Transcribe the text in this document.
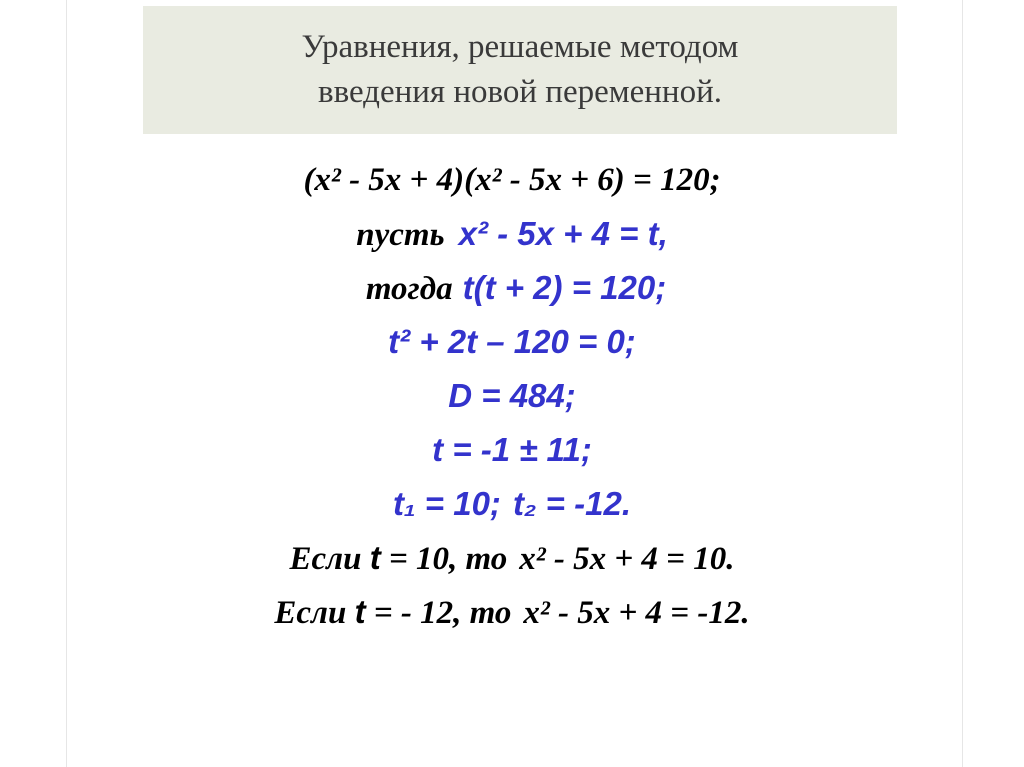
Уравнения, решаемые методом
введения новой переменной.
(x² - 5x + 4)(x² - 5x + 6) = 120;
пусть x² - 5x + 4 = t,
тогда t(t + 2) = 120;
t² + 2t – 120 = 0;
D = 484;
t = -1 ± 11;
t₁ = 10; t₂ = -12.
Если t = 10, то x² - 5x + 4 = 10.
Если t = - 12, то x² - 5x + 4 = -12.
